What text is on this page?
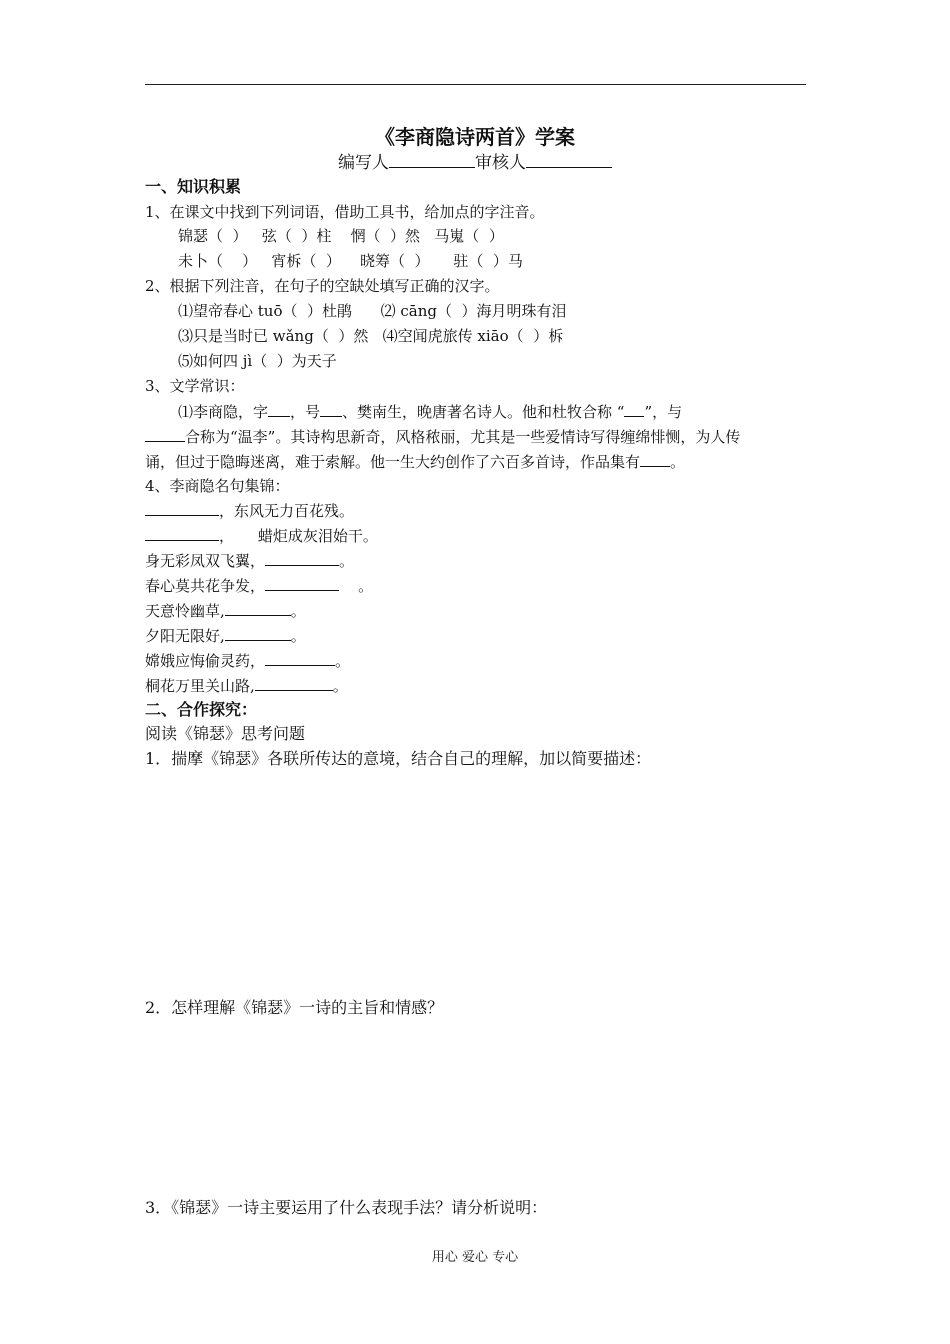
《李商隐诗两首》学案
编写人	审核人
一、知识积累
1、在课文中找到下列词语，借助工具书，给加点的字注音。
锦瑟（  ）   弦（  ）柱    惘（  ）然   马嵬（  ）
未卜（    ）   宵柝（  ）    晓筹（  ）     驻（  ）马
2、根据下列注音，在句子的空缺处填写正确的汉字。
⑴望帝春心 tuō（  ）杜鹃      ⑵ cāng（  ）海月明珠有泪
⑶只是当时已 wǎng（  ）然   ⑷空闻虎旅传 xiāo（  ）柝
⑸如何四 jì（  ）为天子
3、文学常识：
⑴李商隐，字 ，号 、樊南生，晚唐著名诗人。他和杜牧合称 “ ”，与
合称为“温李”。其诗构思新奇，风格秾丽，尤其是一些爱情诗写得缠绵悱恻，为人传
诵，但过于隐晦迷离，难于索解。他一生大约创作了六百多首诗，作品集有 。
4、李商隐名句集锦：
，东风无力百花残。
，     蜡炬成灰泪始干。
身无彩凤双飞翼，	。
春心莫共花争发，	。
天意怜幽草,	。
夕阳无限好,	。
嫦娥应悔偷灵药，	。
桐花万里关山路,	。
二、合作探究：
阅读《锦瑟》思考问题
1．揣摩《锦瑟》各联所传达的意境，结合自己的理解，加以简要描述：
2．怎样理解《锦瑟》一诗的主旨和情感？
3．《锦瑟》一诗主要运用了什么表现手法？请分析说明：
用心 爱心 专心
